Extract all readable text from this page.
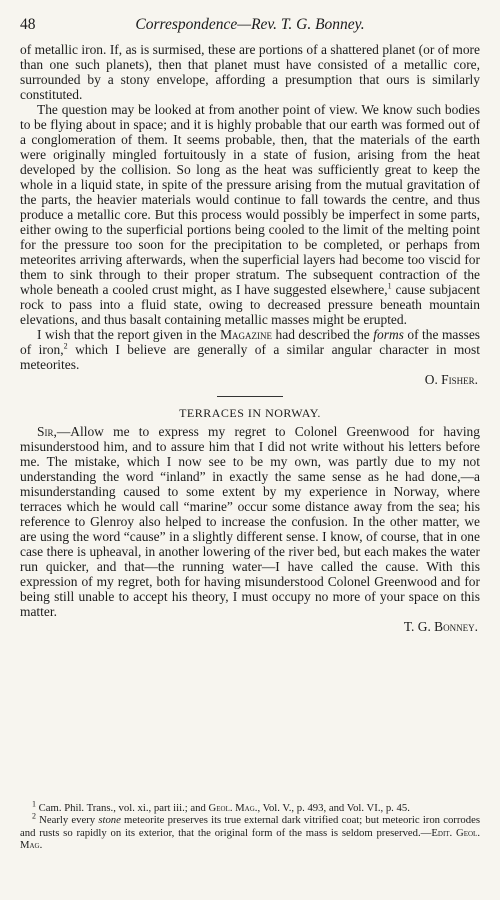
48	Correspondence—Rev. T. G. Bonney.

of metallic iron. If, as is surmised, these are portions of a shattered planet (or of more than one such planets), then that planet must have consisted of a metallic core, surrounded by a stony envelope, affording a presumption that ours is similarly constituted.

The question may be looked at from another point of view. We know such bodies to be flying about in space; and it is highly probable that our earth was formed out of a conglomeration of them. It seems probable, then, that the materials of the earth were originally mingled fortuitously in a state of fusion, arising from the heat developed by the collision. So long as the heat was sufficiently great to keep the whole in a liquid state, in spite of the pressure arising from the mutual gravitation of the parts, the heavier materials would continue to fall towards the centre, and thus produce a metallic core. But this process would possibly be imperfect in some parts, either owing to the superficial portions being cooled to the limit of the melting point for the pressure too soon for the precipitation to be completed, or perhaps from meteorites arriving afterwards, when the superficial layers had become too viscid for them to sink through to their proper stratum. The subsequent contraction of the whole beneath a cooled crust might, as I have suggested elsewhere,$^1$ cause subjacent rock to pass into a fluid state, owing to decreased pressure beneath mountain elevations, and thus basalt containing metallic masses might be erupted.

I wish that the report given in the Magazine had described the forms of the masses of iron,$^2$ which I believe are generally of a similar angular character in most meteorites.

O. Fisher.

TERRACES IN NORWAY.

Sir,—Allow me to express my regret to Colonel Greenwood for having misunderstood him, and to assure him that I did not write without his letters before me. The mistake, which I now see to be my own, was partly due to my not understanding the word “inland” in exactly the same sense as he had done,—a misunderstanding caused to some extent by my experience in Norway, where terraces which he would call “marine” occur some distance away from the sea; his reference to Glenroy also helped to increase the confusion. In the other matter, we are using the word “cause” in a slightly different sense. I know, of course, that in one case there is upheaval, in another lowering of the river bed, but each makes the water run quicker, and that—the running water—I have called the cause. With this expression of my regret, both for having misunderstood Colonel Greenwood and for being still unable to accept his theory, I must occupy no more of your space on this matter.

T. G. Bonney.

$^1$ Cam. Phil. Trans., vol. xi., part iii.; and Geol. Mag., Vol. V., p. 493, and Vol. VI., p. 45.

$^2$ Nearly every stone meteorite preserves its true external dark vitrified coat; but meteoric iron corrodes and rusts so rapidly on its exterior, that the original form of the mass is seldom preserved.—Edit. Geol. Mag.
